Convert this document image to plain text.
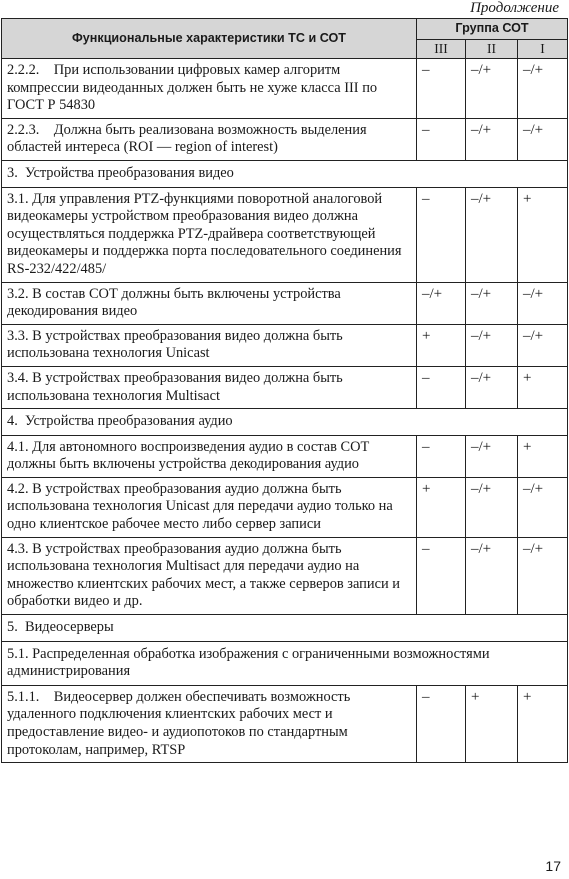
Продолжение
Функциональные характеристики ТС и СОТ	Группа СОТ		
	III	II	I
2.2.2. При использовании цифровых камер алгоритм компрессии видеоданных должен быть не хуже класса III по ГОСТ Р 54830	–	–/+	–/+
2.2.3. Должна быть реализована возможность выделения областей интереса (ROI — region of interest)	–	–/+	–/+
3. Устройства преобразования видео			
3.1. Для управления PTZ-функциями поворотной аналоговой видеокамеры устройством преобразования видео должна осуществляться поддержка PTZ-драйвера соответствующей видеокамеры и поддержка порта последовательного соединения RS-232/422/485/	–	–/+	+
3.2. В состав СОТ должны быть включены устройства декодирования видео	–/+	–/+	–/+
3.3. В устройствах преобразования видео должна быть использована технология Unicast	+	–/+	–/+
3.4. В устройствах преобразования видео должна быть использована технология Multisact	–	–/+	+
4. Устройства преобразования аудио			
4.1. Для автономного воспроизведения аудио в состав СОТ должны быть включены устройства декодирования аудио	–	–/+	+
4.2. В устройствах преобразования аудио должна быть использована технология Unicast для передачи аудио только на одно клиентское рабочее место либо сервер записи	+	–/+	–/+
4.3. В устройствах преобразования аудио должна быть использована технология Multisact для передачи аудио на множество клиентских рабочих мест, а также серверов записи и обработки видео и др.	–	–/+	–/+
5. Видеосерверы			
5.1. Распределенная обработка изображения с ограниченными возможностями администрирования			
5.1.1. Видеосервер должен обеспечивать возможность удаленного подключения клиентских рабочих мест и предоставление видео- и аудиопотоков по стандартным протоколам, например, RTSP	–	+	+
17
